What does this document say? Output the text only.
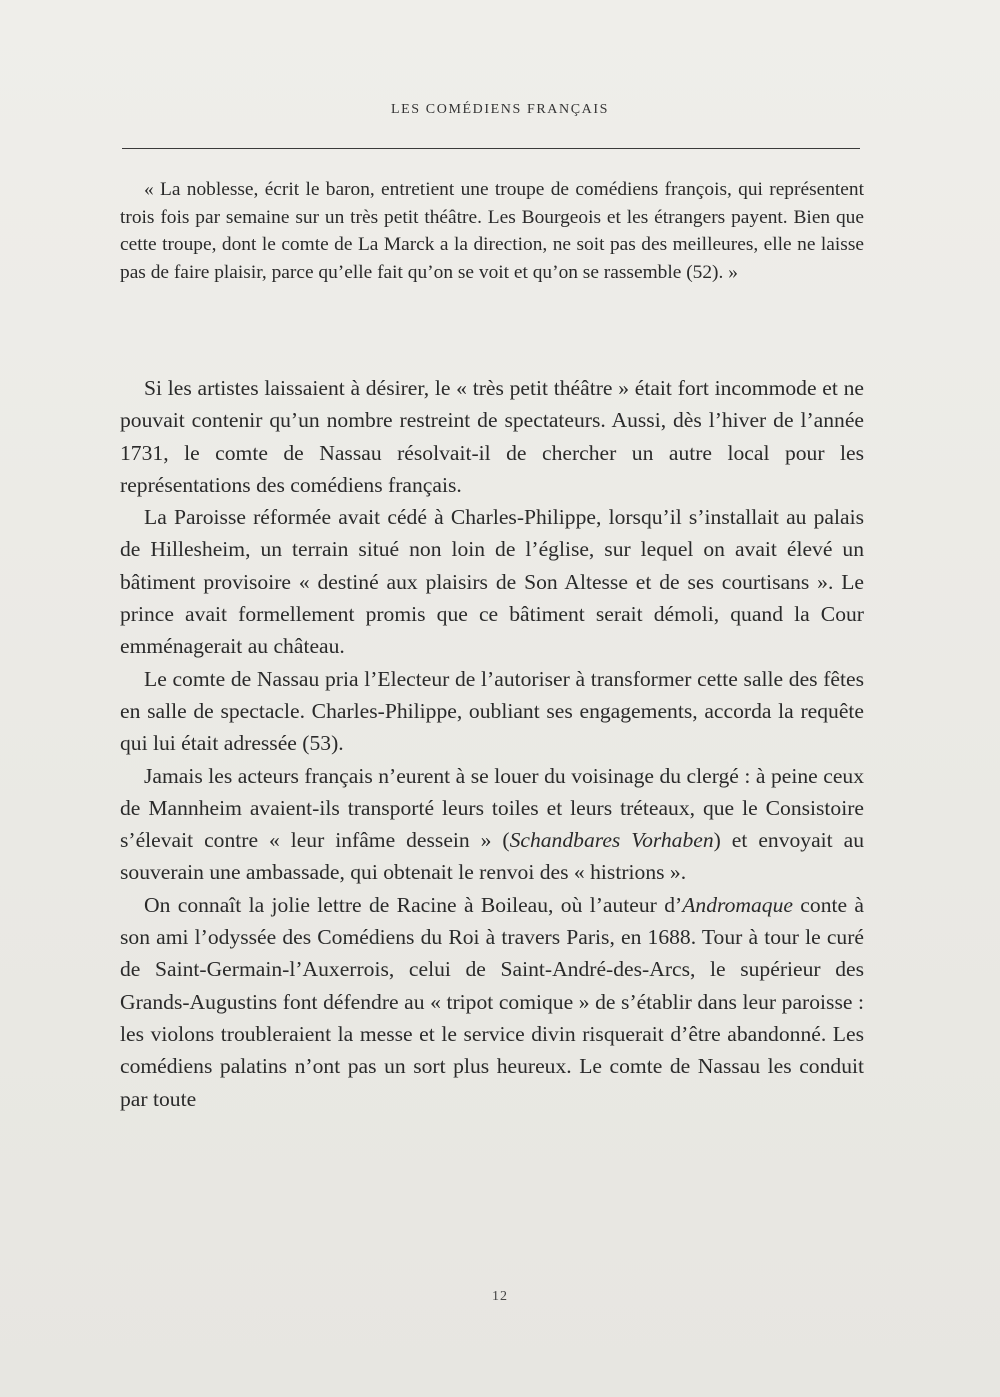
LES COMÉDIENS FRANÇAIS

« La noblesse, écrit le baron, entretient une troupe de comédiens françois, qui représentent trois fois par semaine sur un très petit théâtre. Les Bourgeois et les étrangers payent. Bien que cette troupe, dont le comte de La Marck a la direction, ne soit pas des meilleures, elle ne laisse pas de faire plaisir, parce qu’elle fait qu’on se voit et qu’on se rassemble (52). »

Si les artistes laissaient à désirer, le « très petit théâtre » était fort incommode et ne pouvait contenir qu’un nombre restreint de spectateurs. Aussi, dès l’hiver de l’année 1731, le comte de Nassau résolvait-il de chercher un autre local pour les représentations des comédiens français.

La Paroisse réformée avait cédé à Charles-Philippe, lorsqu’il s’installait au palais de Hillesheim, un terrain situé non loin de l’église, sur lequel on avait élevé un bâtiment provisoire « destiné aux plaisirs de Son Altesse et de ses courtisans ». Le prince avait formellement promis que ce bâtiment serait démoli, quand la Cour emménagerait au château.

Le comte de Nassau pria l’Electeur de l’autoriser à transformer cette salle des fêtes en salle de spectacle. Charles-Philippe, oubliant ses engagements, accorda la requête qui lui était adressée (53).

Jamais les acteurs français n’eurent à se louer du voisinage du clergé : à peine ceux de Mannheim avaient-ils transporté leurs toiles et leurs tréteaux, que le Consistoire s’élevait contre « leur infâme dessein » (Schandbares Vorhaben) et envoyait au souverain une ambassade, qui obtenait le renvoi des « histrions ».

On connaît la jolie lettre de Racine à Boileau, où l’auteur d’Andromaque conte à son ami l’odyssée des Comédiens du Roi à travers Paris, en 1688. Tour à tour le curé de Saint-Germain-l’Auxerrois, celui de Saint-André-des-Arcs, le supérieur des Grands-Augustins font défendre au « tripot comique » de s’établir dans leur paroisse : les violons troubleraient la messe et le service divin risquerait d’être abandonné. Les comédiens palatins n’ont pas un sort plus heureux. Le comte de Nassau les conduit par toute

12
